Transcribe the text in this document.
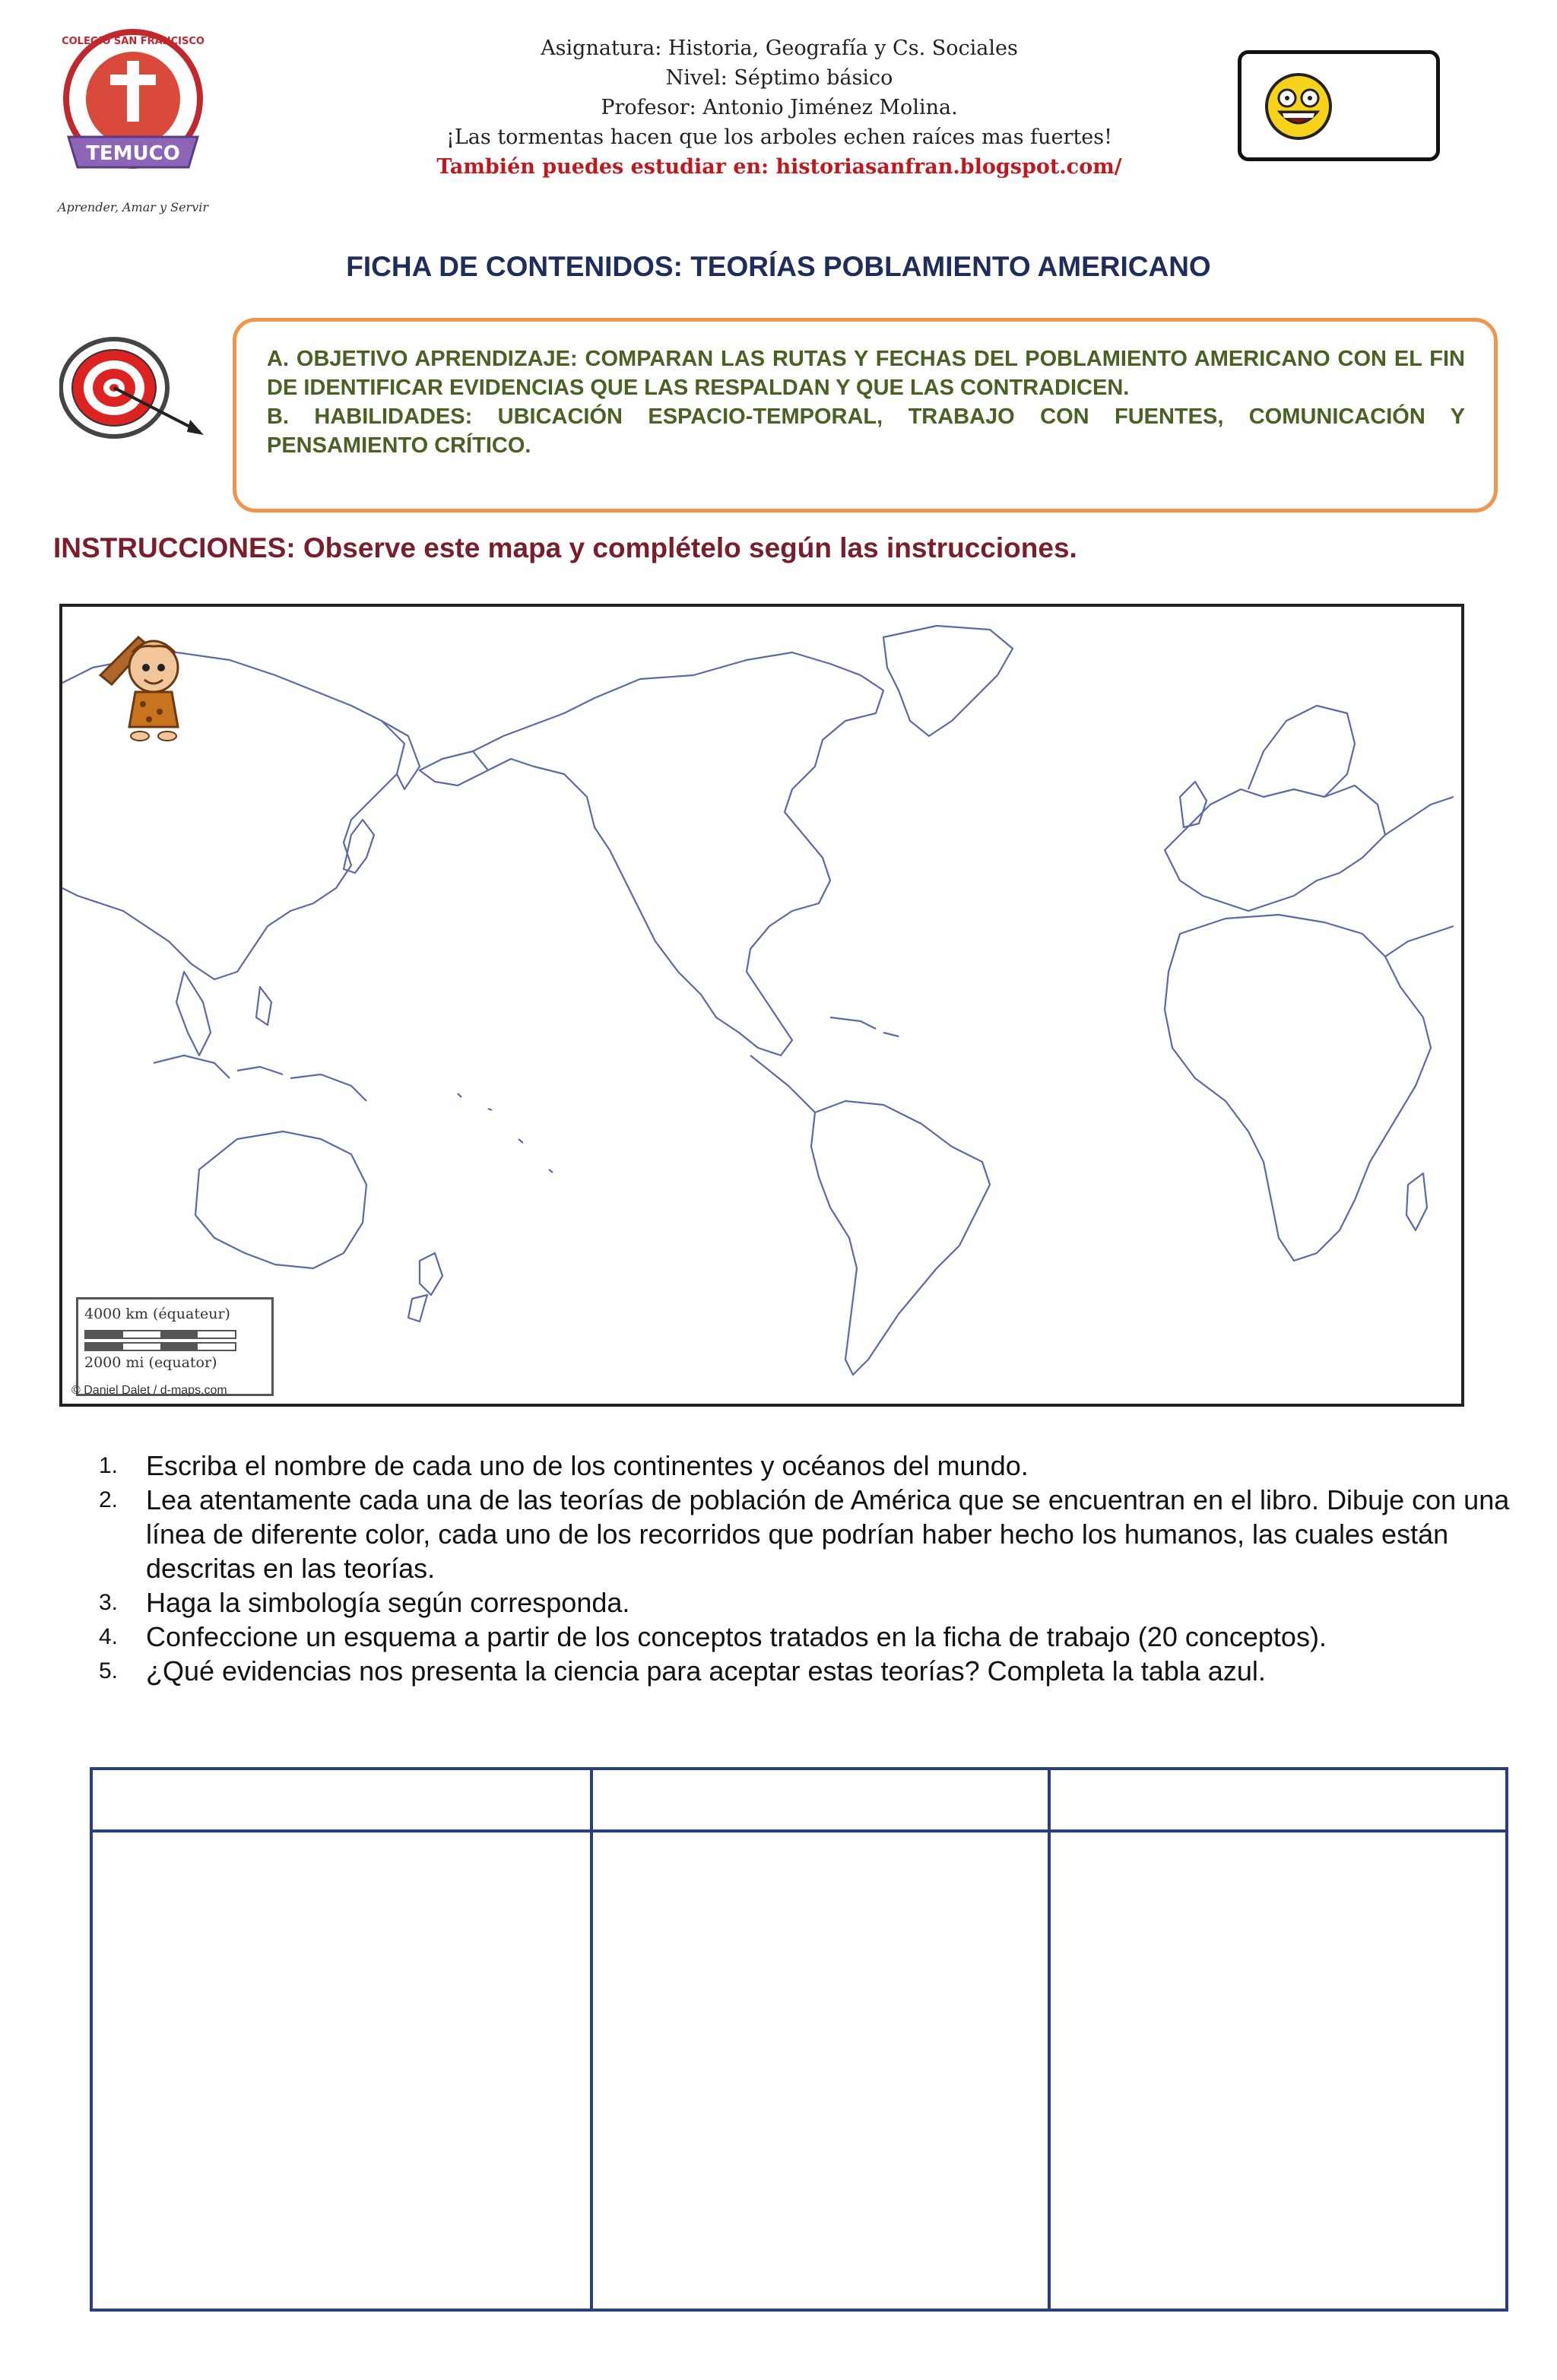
COLEGIO SAN FRANCISCO
TEMUCO
Aprender, Amar y Servir
Asignatura: Historia, Geografía y Cs. Sociales
Nivel: Séptimo básico
Profesor: Antonio Jiménez Molina.
¡Las tormentas hacen que los arboles echen raíces mas fuertes!
También puedes estudiar en: historiasanfran.blogspot.com/
FICHA DE CONTENIDOS: TEORÍAS POBLAMIENTO AMERICANO

A. OBJETIVO APRENDIZAJE: COMPARAN LAS RUTAS Y FECHAS DEL POBLAMIENTO AMERICANO CON EL FIN DE IDENTIFICAR EVIDENCIAS QUE LAS RESPALDAN Y QUE LAS CONTRADICEN.

B. HABILIDADES: UBICACIÓN ESPACIO-TEMPORAL, TRABAJO CON FUENTES, COMUNICACIÓN Y PENSAMIENTO CRÍTICO.

INSTRUCCIONES: Observe este mapa y complételo según las instrucciones.
4000 km (équateur)
2000 mi (equator)
© Daniel Dalet / d-maps.com
1. Escriba el nombre de cada uno de los continentes y océanos del mundo.
2. Lea atentamente cada una de las teorías de población de América que se encuentran en el libro. Dibuje con una línea de diferente color, cada uno de los recorridos que podrían haber hecho los humanos, las cuales están descritas en las teorías.
3. Haga la simbología según corresponda.
4. Confeccione un esquema a partir de los conceptos tratados en la ficha de trabajo (20 conceptos).
5. ¿Qué evidencias nos presenta la ciencia para aceptar estas teorías? Completa la tabla azul.
